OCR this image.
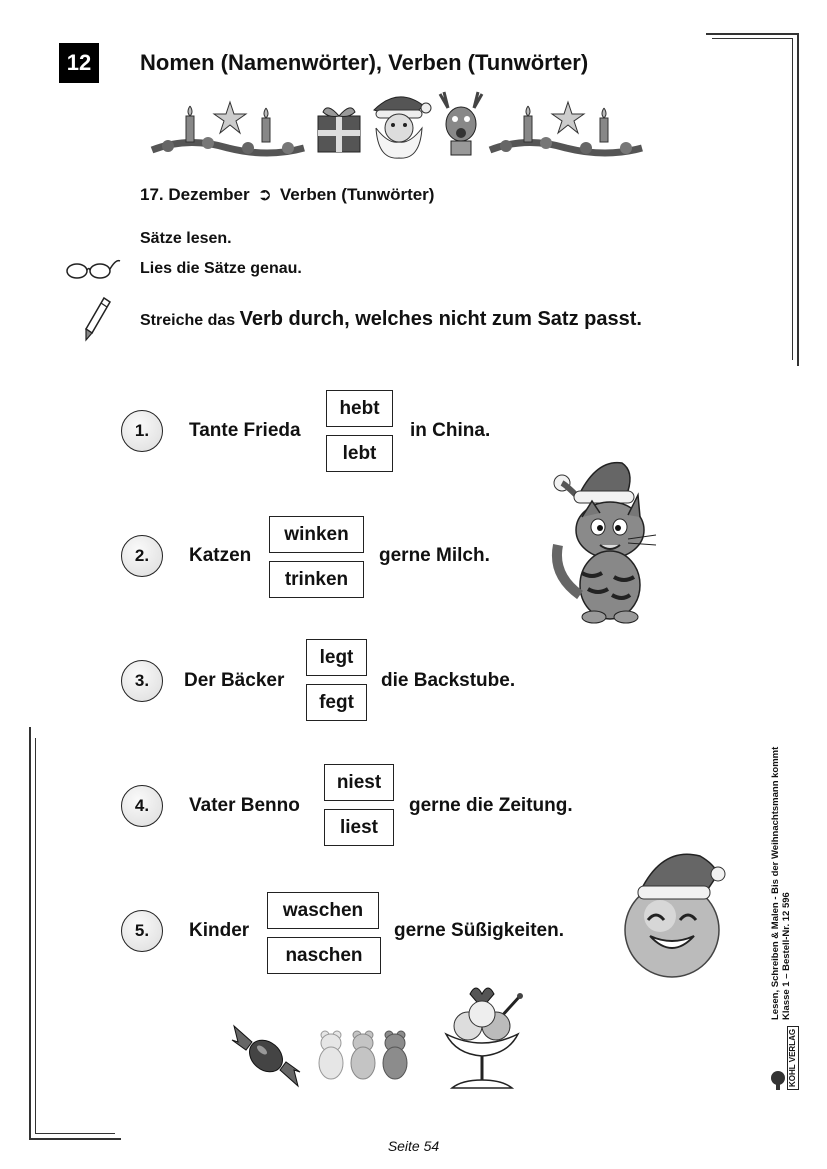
12	Nomen (Namenwörter), Verben (Tunwörter)
17. Dezember ➲ Verben (Tunwörter)
Sätze lesen.
Lies die Sätze genau.
Streiche das Verb durch, welches nicht zum Satz passt.
1.	Tante Frieda
hebt
lebt
in China.
2.	Katzen
winken
trinken
gerne Milch.
3.	Der Bäcker
legt
fegt
die Backstube.
4.	Vater Benno
niest
liest
gerne die Zeitung.
5.	Kinder
waschen
naschen
gerne Süßigkeiten.	Lesen, Schreiben & Malen - Bis der Weihnachtsmann kommt Klasse 1 – Bestell-Nr. 12 596
KOHL VERLAG
Seite 54
